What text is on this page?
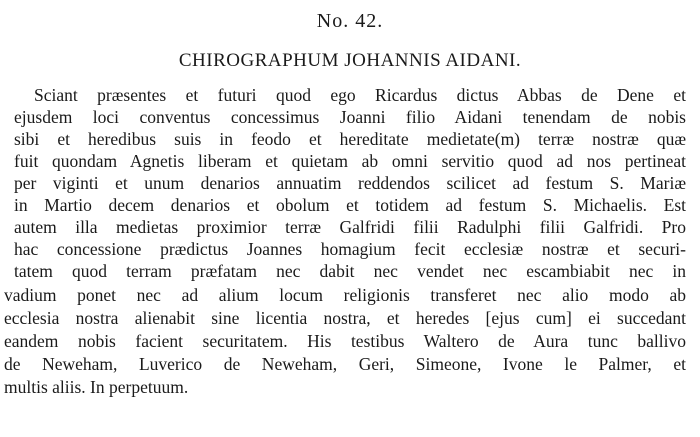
No. 42.
CHIROGRAPHUM JOHANNIS AIDANI.
Sciant præsentes et futuri quod ego Ricardus dictus Abbas de Dene et
ejusdem loci conventus concessimus Joanni filio Aidani tenendam de nobis
sibi et heredibus suis in feodo et hereditate medietate(m) terræ nostræ quæ
fuit quondam Agnetis liberam et quietam ab omni servitio quod ad nos pertineat
per viginti et unum denarios annuatim reddendos scilicet ad festum S. Mariæ
in Martio decem denarios et obolum et totidem ad festum S. Michaelis. Est
autem illa medietas proximior terræ Galfridi filii Radulphi filii Galfridi. Pro
hac concessione prædictus Joannes homagium fecit ecclesiæ nostræ et securi-
tatem quod terram præfatam nec dabit nec vendet nec escambiabit nec in
vadium ponet nec ad alium locum religionis transferet nec alio modo ab
ecclesia nostra alienabit sine licentia nostra, et heredes [ejus cum] ei succedant
eandem nobis facient securitatem. His testibus Waltero de Aura tunc ballivo
de Neweham, Luverico de Neweham, Geri, Simeone, Ivone le Palmer, et
multis aliis. In perpetuum.
